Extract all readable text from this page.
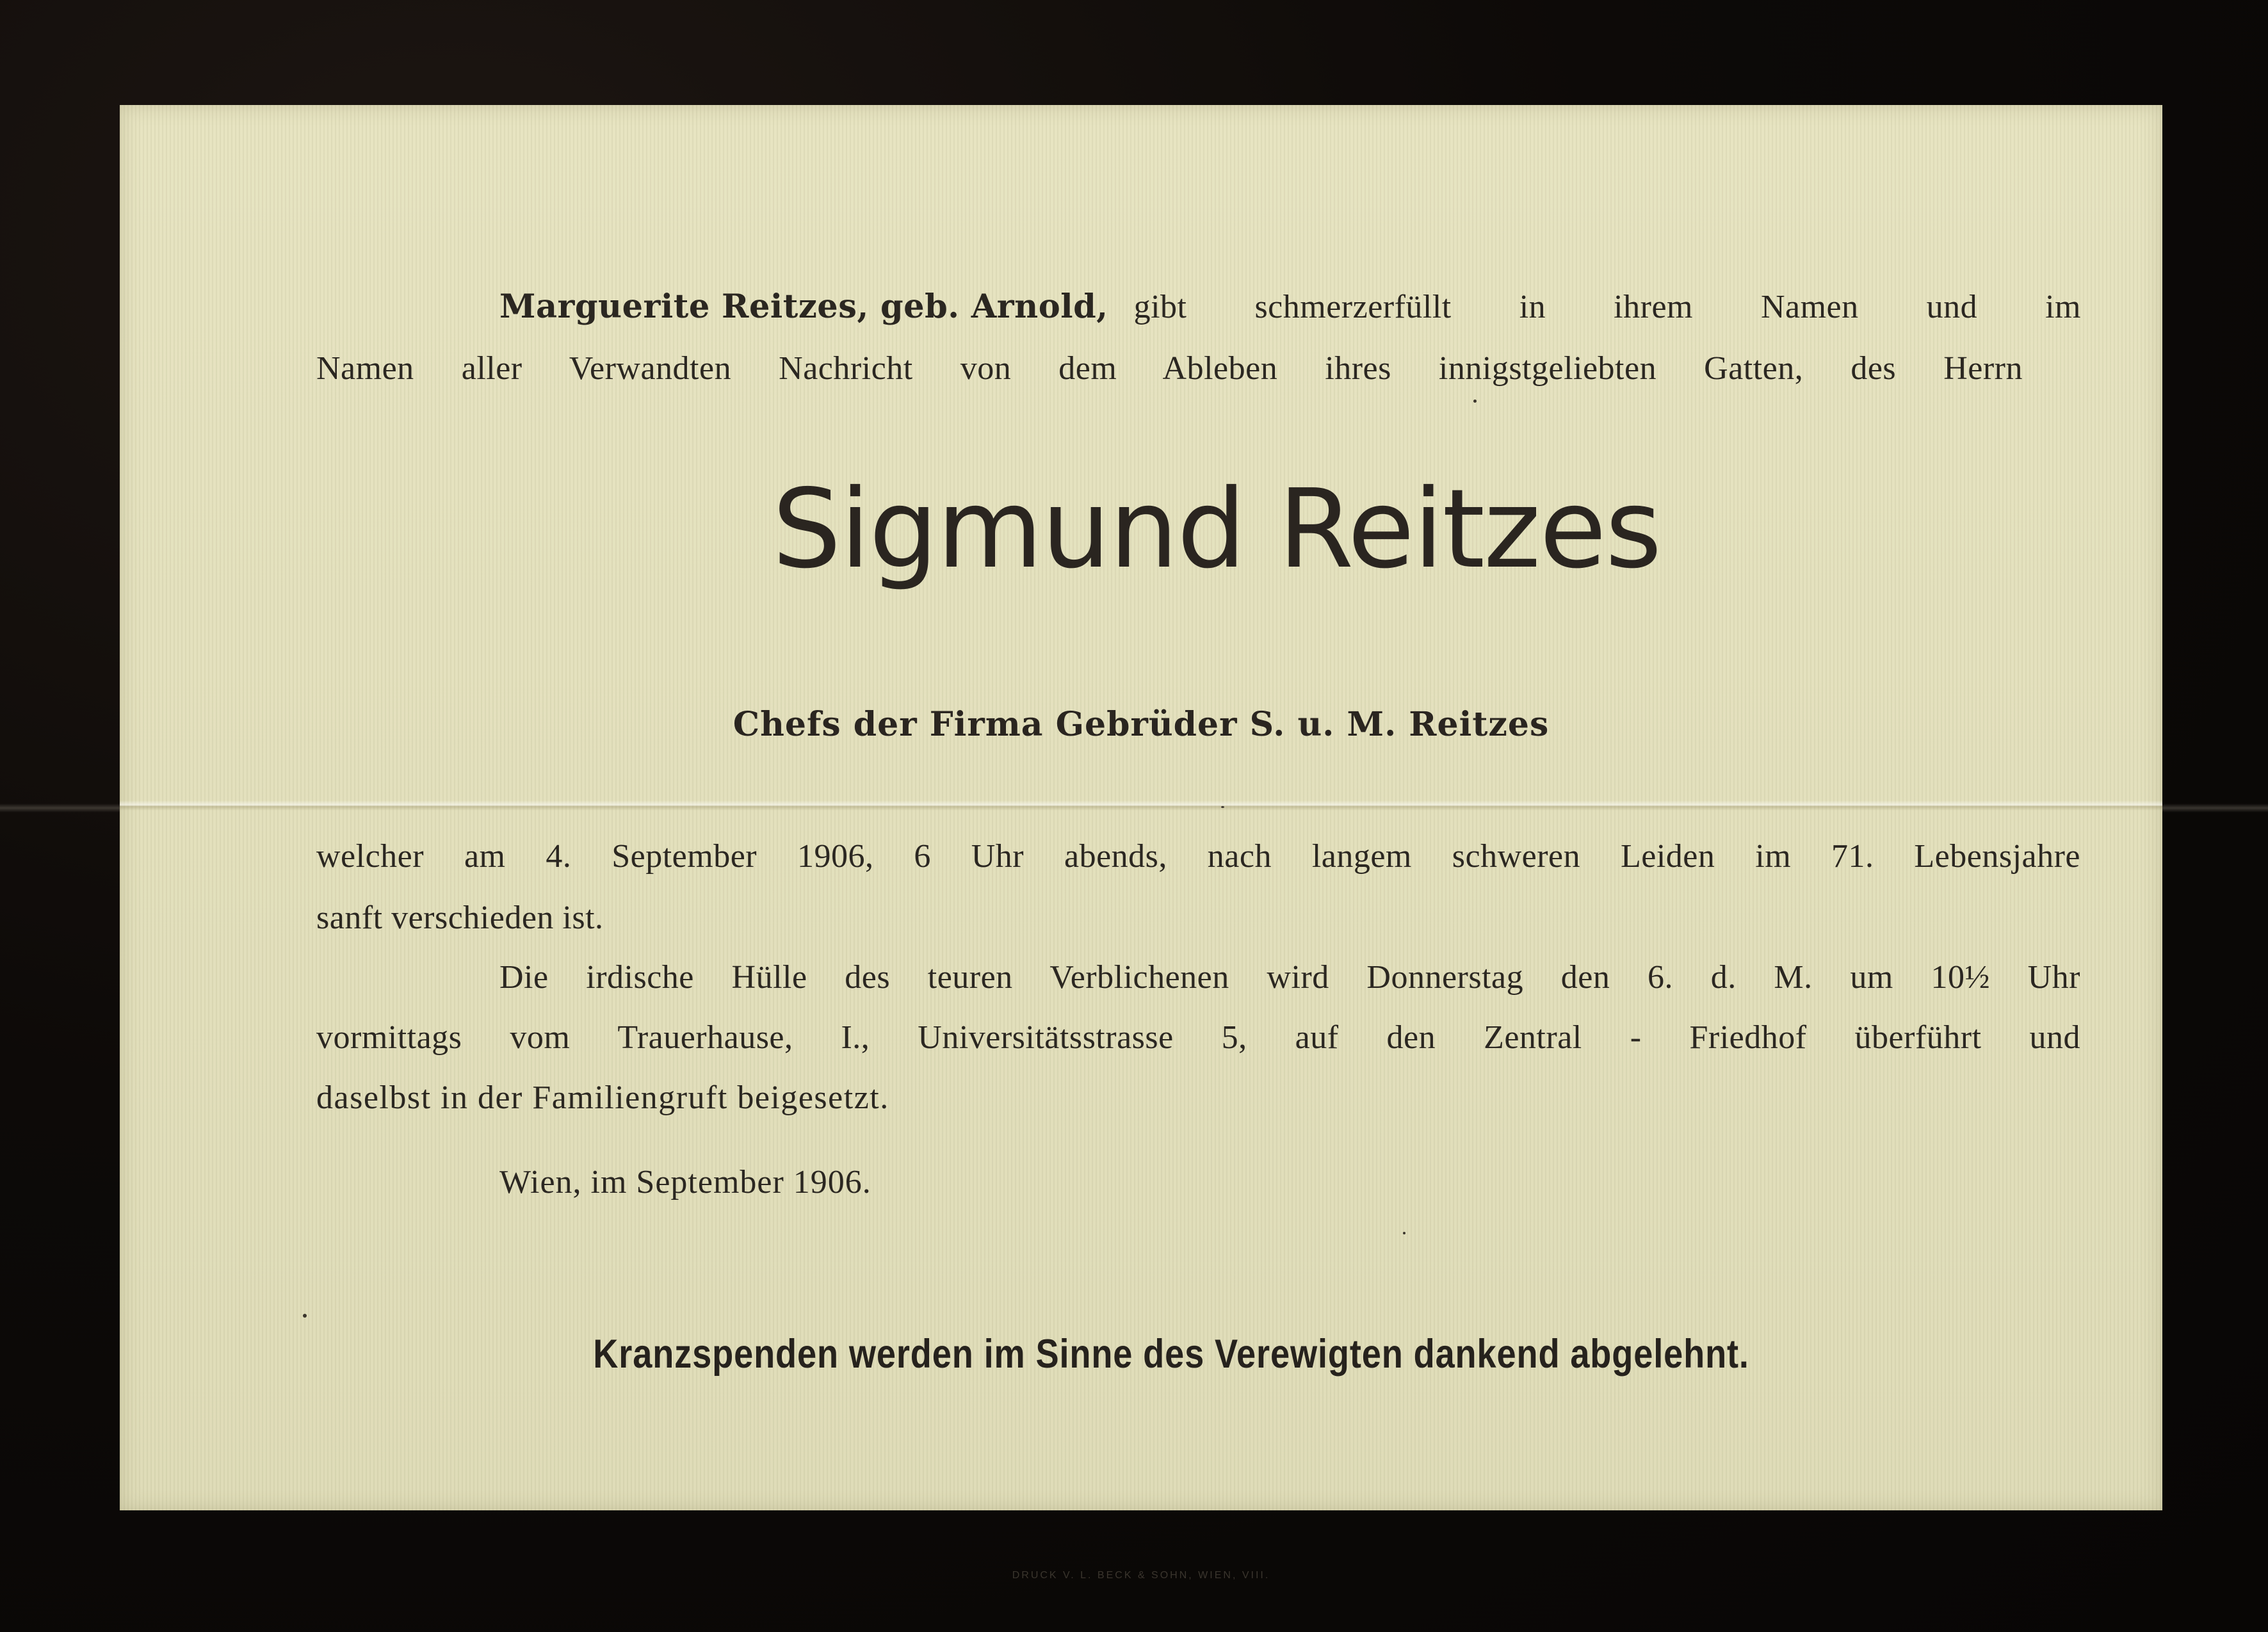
Marguerite Reitzes, geb. Arnold, gibt schmerzerfüllt in ihrem Namen und im
Namen aller Verwandten Nachricht von dem Ableben ihres innigstgeliebten Gatten, des Herrn
Sigmund Reitzes
Chefs der Firma Gebrüder S. u. M. Reitzes
welcher am 4. September 1906, 6 Uhr abends, nach langem schweren Leiden im 71. Lebensjahre
sanft verschieden ist.
Die irdische Hülle des teuren Verblichenen wird Donnerstag den 6. d. M. um 10½ Uhr
vormittags vom Trauerhause, I., Universitätsstrasse 5, auf den Zentral - Friedhof überführt und
daselbst in der Familiengruft beigesetzt.
Wien, im September 1906.
Kranzspenden werden im Sinne des Verewigten dankend abgelehnt.
DRUCK V. L. BECK & SOHN, WIEN, VIII.
